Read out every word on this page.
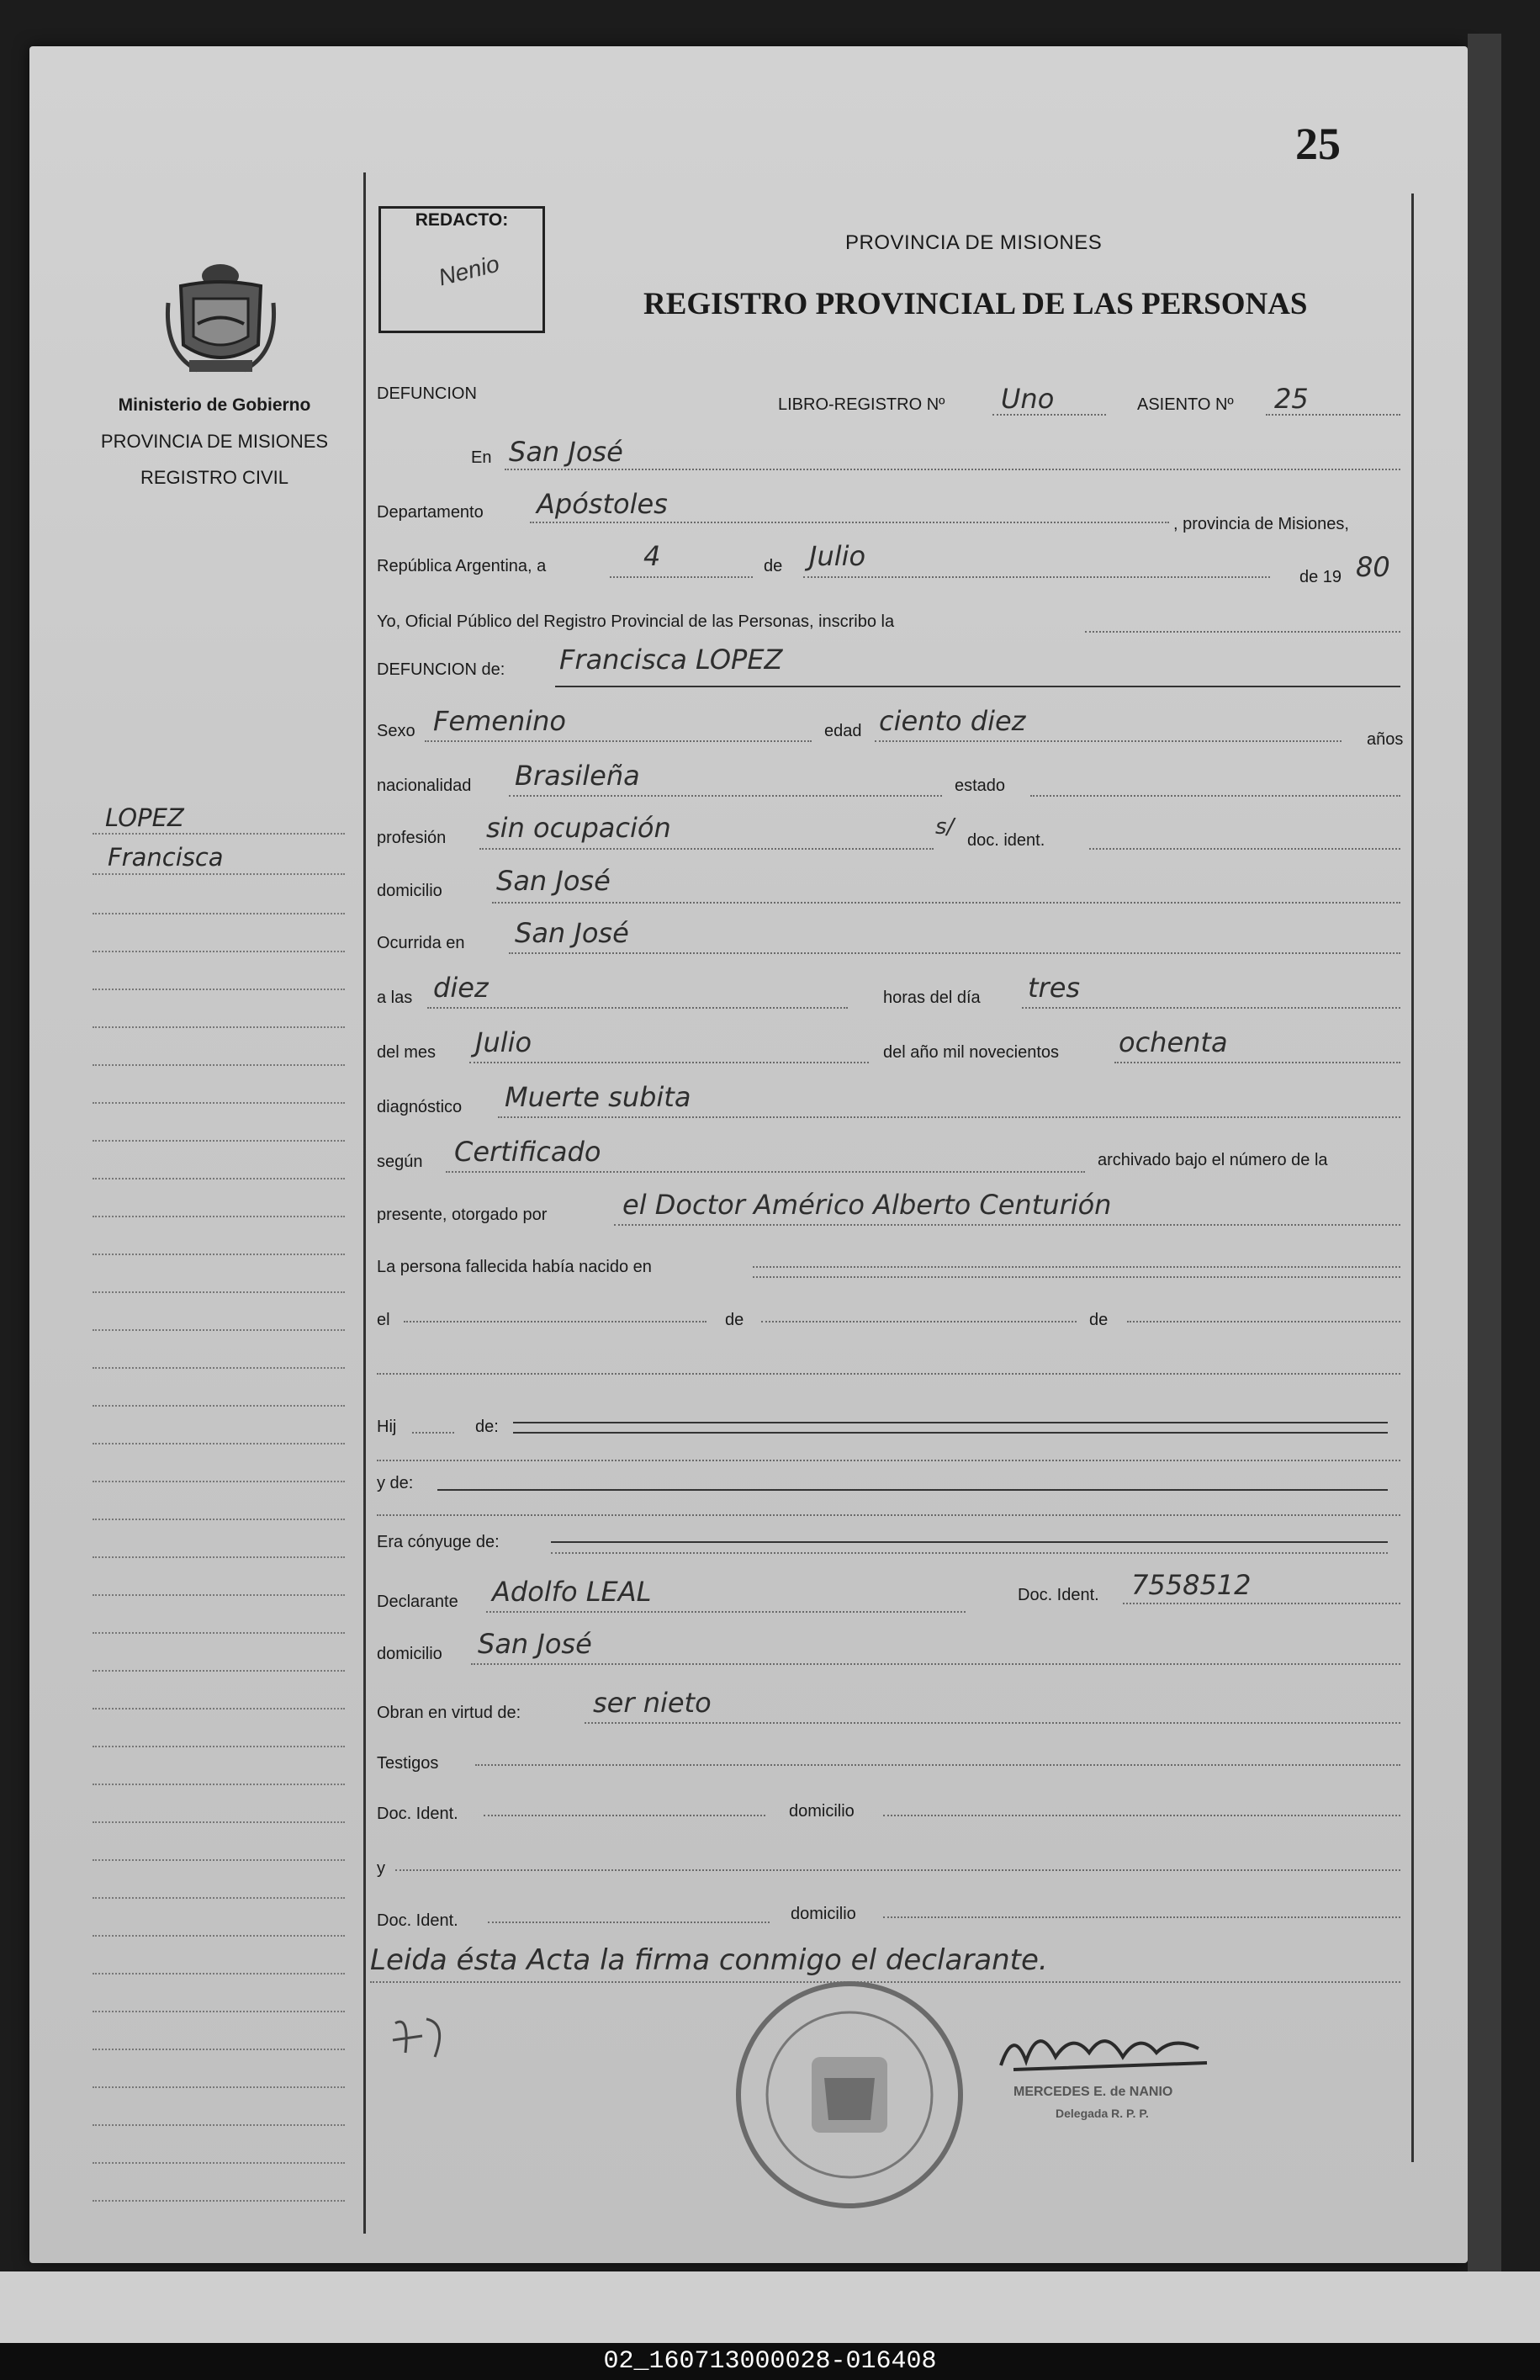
02_160713000028-016408
25
Ministerio de Gobierno
PROVINCIA DE MISIONES
REGISTRO CIVIL
LOPEZ
Francisca
REDACTO:
Nenio
PROVINCIA DE MISIONES
REGISTRO PROVINCIAL DE LAS PERSONAS
DEFUNCION
LIBRO-REGISTRO Nº Uno	ASIENTO Nº 25
En San José
Departamento Apóstoles
, provincia de Misiones,
República Argentina, a	4	de Julio
de 19 80
Yo, Oficial Público del Registro Provincial de las Personas, inscribo la
DEFUNCION de: Francisca LOPEZ
Sexo Femenino	edad ciento diez
años
nacionalidad Brasileña	estado
profesión sin ocupación	s/
doc. ident.
domicilio San José
Ocurrida en San José
a las diez	horas del día tres
del mes Julio	del año mil novecientos ochenta
diagnóstico Muerte subita
según Certificado	archivado bajo el número de la
presente, otorgado por	el Doctor Américo Alberto Centurión
La persona fallecida había nacido en
el	de	de
Hij	de:
y de:
Era cónyuge de:
Declarante Adolfo LEAL	Doc. Ident. 7558512
domicilio San José
Obran en virtud de:	ser nieto
Testigos
Doc. Ident.	domicilio
y
Doc. Ident.	domicilio
Leida ésta Acta la firma conmigo el declarante.
MERCEDES E. de NANIO
Delegada R. P. P.
